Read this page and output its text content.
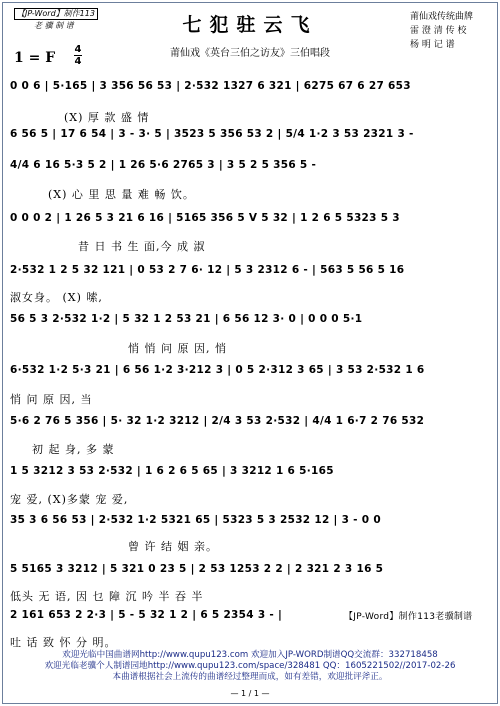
【JP-Word】制作113
老 骥 制 谱	七犯驻云飞
莆仙戏《英台三伯之访友》三伯唱段
莆仙戏传统曲牌
雷 澄 清 传 校
杨 明 记 谱
1 = F
4
4
0 0 6 | 5·165 | 3 356 56 53 | 2·532 1327 6 321 | 6275 67 6 27 653
(X) 厚 款 盛 情
6 56 5 | 17 6 54 | 3 - 3· 5 | 3523 5 356 53 2 | 5/4 1·2 3 53 2321 3 -
4/4 6 16 5·3 5 2 | 1 26 5·6 2765 3 | 3 5 2 5 356 5 -
(X) 心 里 思 量 难 畅 饮。
0 0 0 2 | 1 26 5 3 21 6 16 | 5165 356 5 V 5 32 | 1 2 6 5 5323 5 3
昔 日 书 生 面,今 成 淑
2·532 1 2 5 32 121 | 0 53 2 7 6· 12 | 5 3 2312 6 - | 563 5 56 5 16
淑女身。 (X) 嗦,
56 5 3 2·532 1·2 | 5 32 1 2 53 21 | 6 56 12 3· 0 | 0 0 0 5·1
悄 悄 问 原 因, 悄
6·532 1·2 5·3 21 | 6 56 1·2 3·212 3 | 0 5 2·312 3 65 | 3 53 2·532 1 6
悄 问 原 因, 当
5·6 2 76 5 356 | 5· 32 1·2 3212 | 2/4 3 53 2·532 | 4/4 1 6·7 2 76 532
初 起 身, 多 蒙
1 5 3212 3 53 2·532 | 1 6 2 6 5 65 | 3 3212 1 6 5·165
宠 爱, (X)多蒙 宠 爱,
35 3 6 56 53 | 2·532 1·2 5321 65 | 5323 5 3 2532 12 | 3 - 0 0
曾 许 结 姻 亲。
5 5165 3 3212 | 5 321 0 23 5 | 2 53 1253 2 2 | 2 321 2 3 16 5
低头 无 语, 因 乜 障 沉 吟 半 吞 半
2 161 653 2 2·3 | 5 - 5 32 1 2 | 6 5 2354 3 - |	【JP-Word】制作113老骥制谱
吐 话 致 怀 分 明。
欢迎光临中国曲谱网http://www.qupu123.com 欢迎加入JP-WORD制谱QQ交流群：332718458
欢迎光临老骥个人制谱园地http://www.qupu123.com/space/328481 QQ：1605221502//2017-02-26
本曲谱根据社会上流传的曲谱经过整理而成，如有差错，欢迎批评斧正。
— 1 / 1 —
